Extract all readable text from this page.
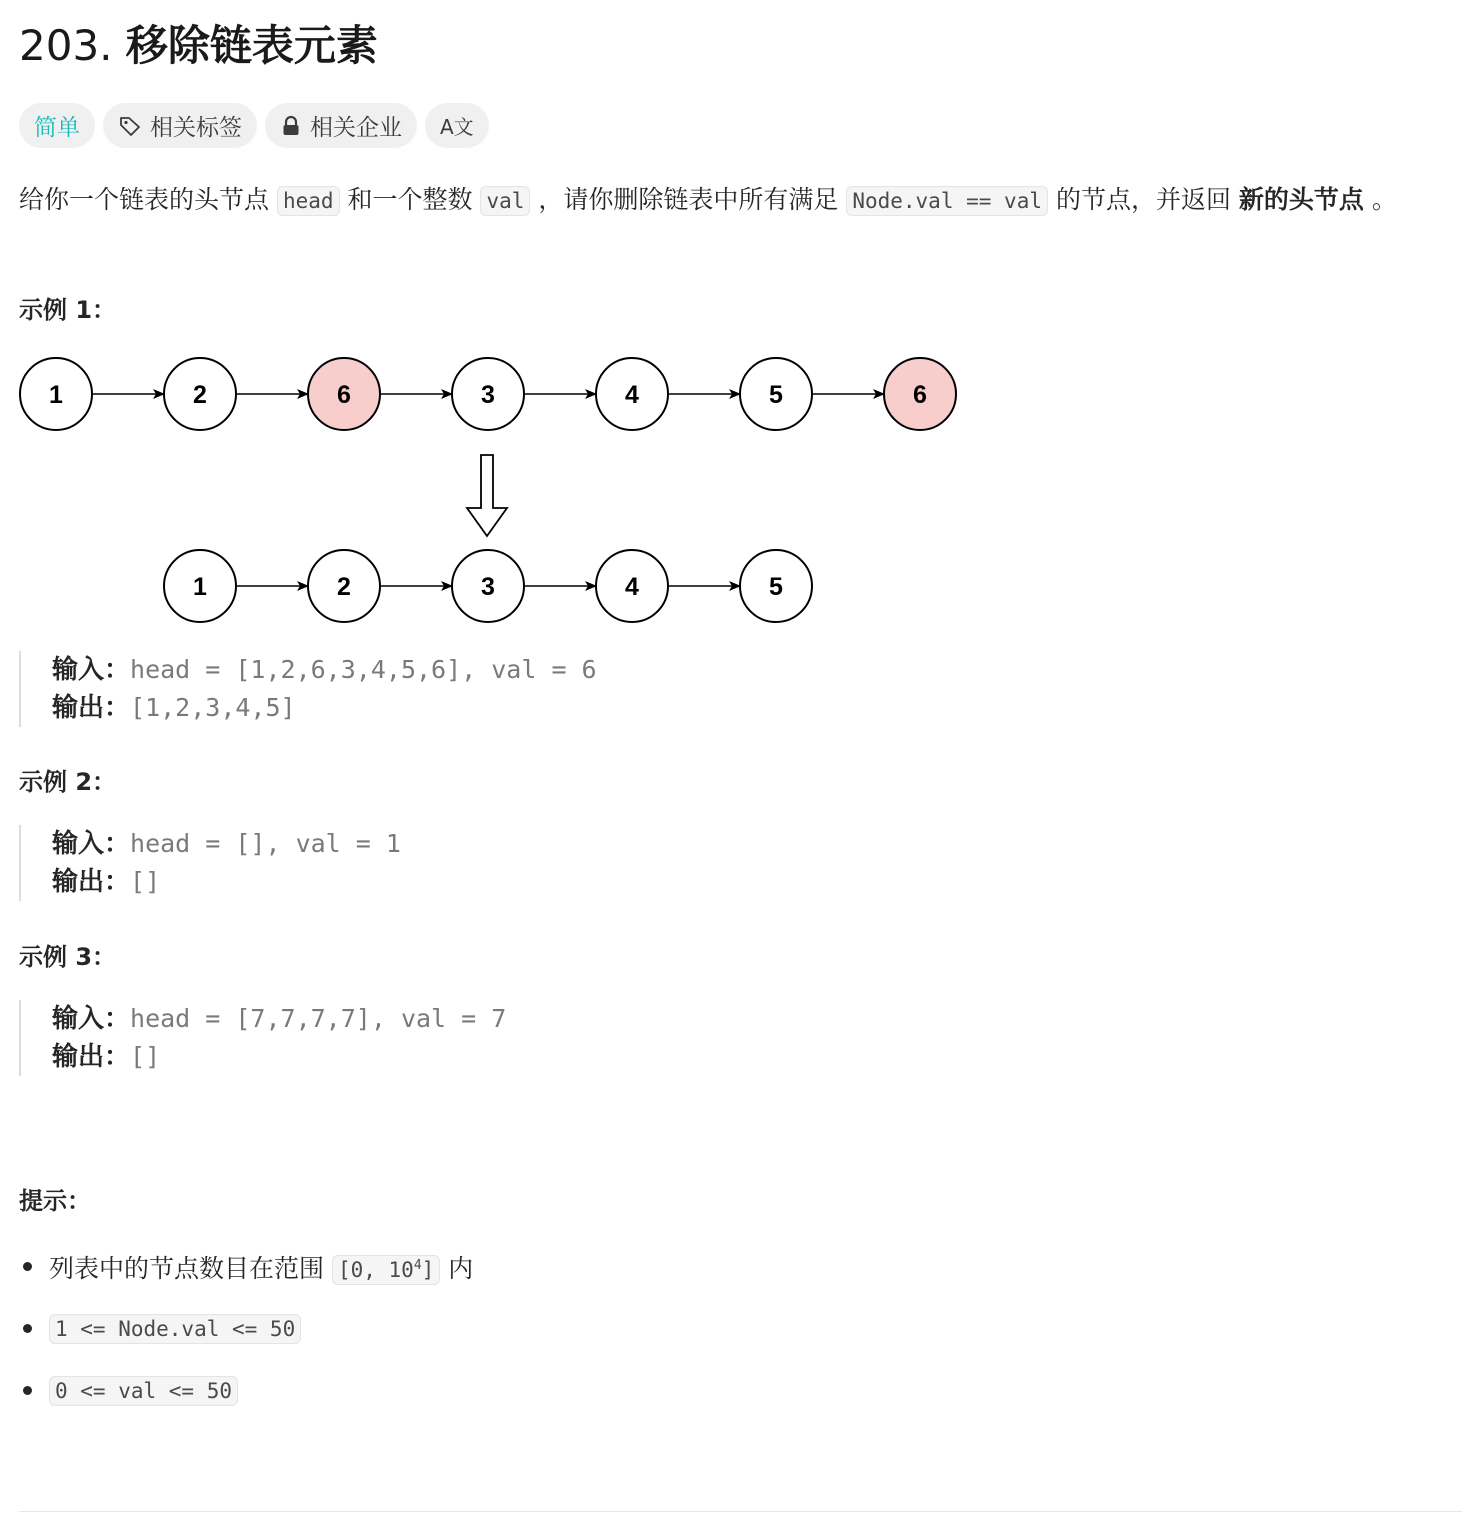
203. 移除链表元素
简单	相关标签	相关企业 A文
给你一个链表的头节点 head 和一个整数 val ，请你删除链表中所有满足 Node.val == val 的节点，并返回 新的头节点 。
示例 1：
1	2	6	3	4	5	6
1	2	3	4	5
输入：head = [1,2,6,3,4,5,6], val = 6
输出：[1,2,3,4,5]
示例 2：
输入：head = [], val = 1
输出：[]
示例 3：
输入：head = [7,7,7,7], val = 7
输出：[]
提示：
列表中的节点数目在范围 [0, $10^4$] 内
1 <= Node.val <= 50
0 <= val <= 50
